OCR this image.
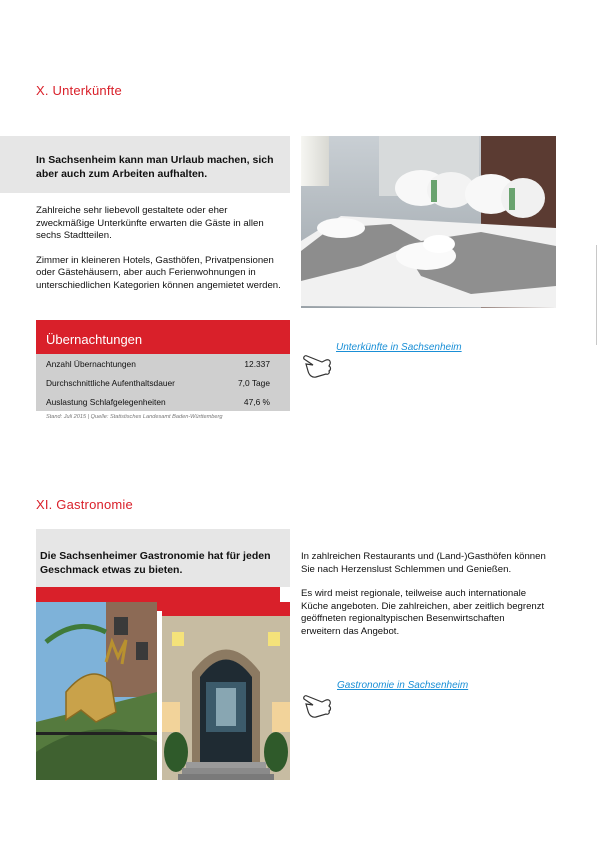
X. Unterkünfte
In Sachsenheim kann man Urlaub machen, sich aber auch zum Arbeiten aufhalten.

Zahlreiche sehr liebevoll gestaltete oder eher zweckmäßige Unterkünfte erwarten die Gäste in allen sechs Stadtteilen.

Zimmer in kleineren Hotels, Gasthöfen, Privatpensionen oder Gästehäusern, aber auch Ferienwohnungen in unterschiedlichen Kategorien können angemietet werden.

Übernachtungen
Anzahl Übernachtungen	12.337
Durchschnittliche Aufenthaltsdauer	7,0 Tage
Auslastung Schlafgelegenheiten	47,6 %
Stand: Juli 2015 | Quelle: Statistisches Landesamt Baden-Württemberg
Unterkünfte in Sachsenheim
XI. Gastronomie
Die Sachsenheimer Gastronomie hat für jeden Geschmack etwas zu bieten.

In zahlreichen Restaurants und (Land-)Gasthöfen können Sie nach Herzenslust Schlemmen und Genießen.

Es wird meist regionale, teilweise auch internationale Küche angeboten. Die zahlreichen, aber zeitlich begrenzt geöffneten regionaltypischen Besenwirtschaften erweitern das Angebot.

Gastronomie in Sachsenheim
